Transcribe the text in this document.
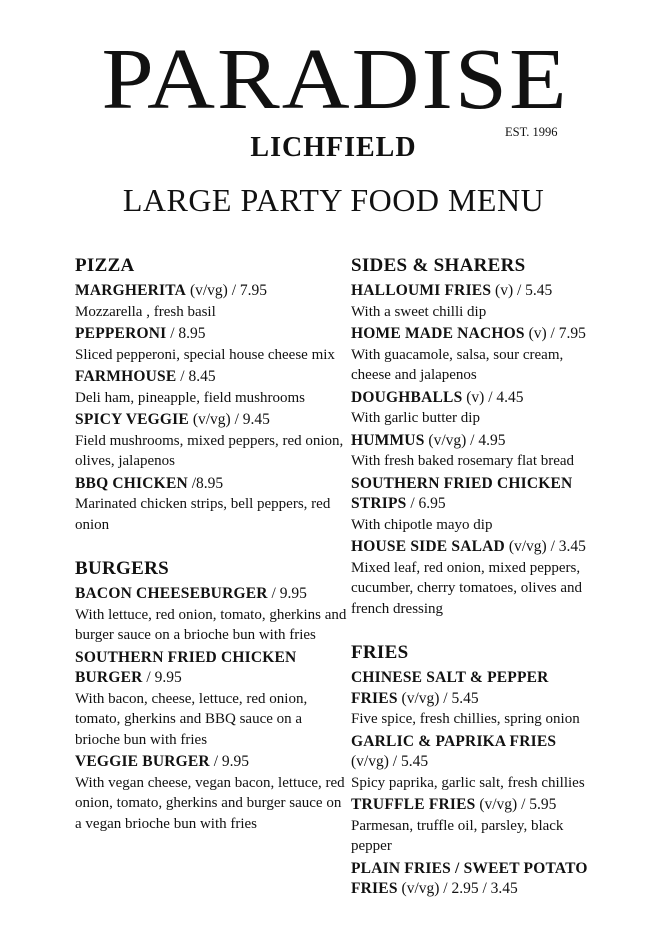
PARADISE
LICHFIELD	EST. 1996
LARGE PARTY FOOD MENU
PIZZA
MARGHERITA (v/vg) / 7.95
Mozzarella , fresh basil
PEPPERONI / 8.95
Sliced pepperoni, special house cheese mix
FARMHOUSE / 8.45
Deli ham, pineapple, field mushrooms
SPICY VEGGIE (v/vg) / 9.45
Field mushrooms, mixed peppers, red onion, olives, jalapenos
BBQ CHICKEN /8.95
Marinated chicken strips, bell peppers, red onion
BURGERS
BACON CHEESEBURGER / 9.95
With lettuce, red onion, tomato, gherkins and burger sauce on a brioche bun with fries
SOUTHERN FRIED CHICKEN BURGER / 9.95
With bacon, cheese, lettuce, red onion, tomato, gherkins and BBQ sauce on a brioche bun with fries
VEGGIE BURGER / 9.95
With vegan cheese, vegan bacon, lettuce, red onion, tomato, gherkins and burger sauce on a vegan brioche bun with fries
SIDES & SHARERS
HALLOUMI FRIES (v) / 5.45
With a sweet chilli dip
HOME MADE NACHOS (v) / 7.95
With guacamole, salsa, sour cream, cheese and jalapenos
DOUGHBALLS (v) / 4.45
With garlic butter dip
HUMMUS (v/vg) / 4.95
With fresh baked rosemary flat bread
SOUTHERN FRIED CHICKEN STRIPS / 6.95
With chipotle mayo dip
HOUSE SIDE SALAD (v/vg) / 3.45
Mixed leaf, red onion, mixed peppers, cucumber, cherry tomatoes, olives and french dressing
FRIES
CHINESE SALT & PEPPER FRIES (v/vg) / 5.45
Five spice, fresh chillies, spring onion
GARLIC & PAPRIKA FRIES (v/vg) / 5.45
Spicy paprika, garlic salt, fresh chillies
TRUFFLE FRIES (v/vg) / 5.95
Parmesan, truffle oil, parsley, black pepper
PLAIN FRIES / SWEET POTATO FRIES (v/vg) / 2.95 / 3.45
